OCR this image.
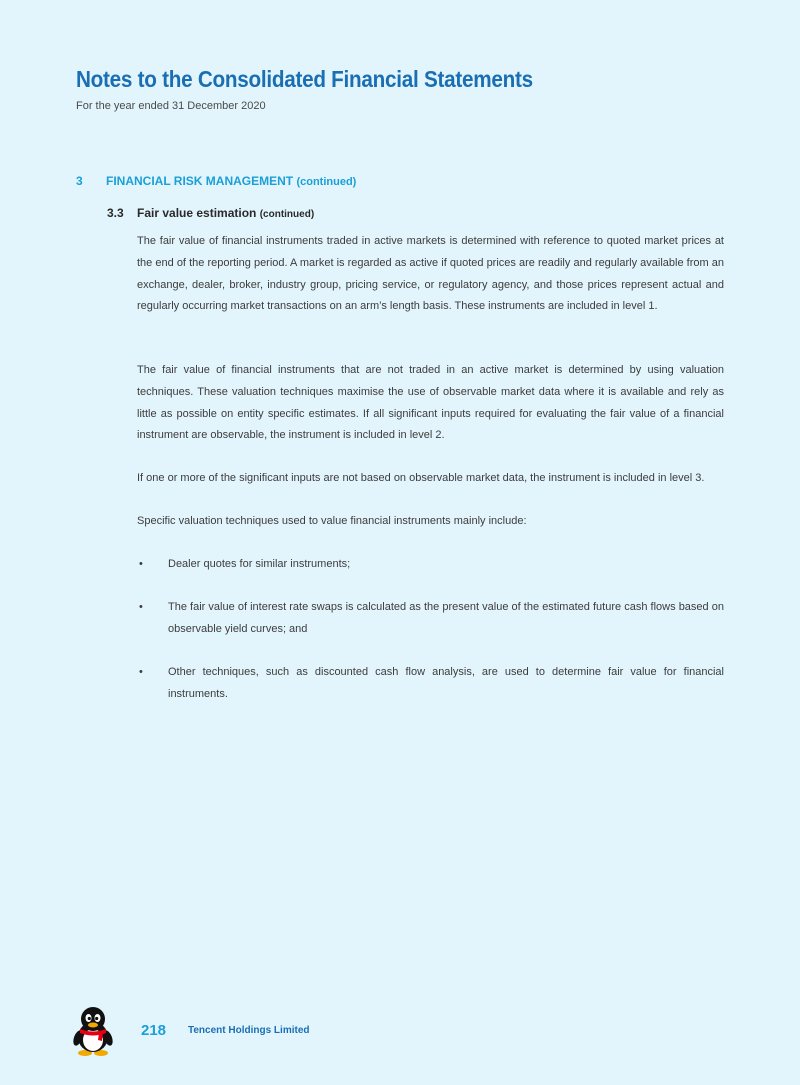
Notes to the Consolidated Financial Statements
For the year ended 31 December 2020
3 FINANCIAL RISK MANAGEMENT (continued)
3.3 Fair value estimation (continued)

The fair value of financial instruments traded in active markets is determined with reference to quoted market prices at the end of the reporting period. A market is regarded as active if quoted prices are readily and regularly available from an exchange, dealer, broker, industry group, pricing service, or regulatory agency, and those prices represent actual and regularly occurring market transactions on an arm’s length basis. These instruments are included in level 1.

The fair value of financial instruments that are not traded in an active market is determined by using valuation techniques. These valuation techniques maximise the use of observable market data where it is available and rely as little as possible on entity specific estimates. If all significant inputs required for evaluating the fair value of a financial instrument are observable, the instrument is included in level 2.

If one or more of the significant inputs are not based on observable market data, the instrument is included in level 3.

Specific valuation techniques used to value financial instruments mainly include:

• Dealer quotes for similar instruments;
• The fair value of interest rate swaps is calculated as the present value of the estimated future cash flows based on observable yield curves; and
• Other techniques, such as discounted cash flow analysis, are used to determine fair value for financial instruments.
218 Tencent Holdings Limited
